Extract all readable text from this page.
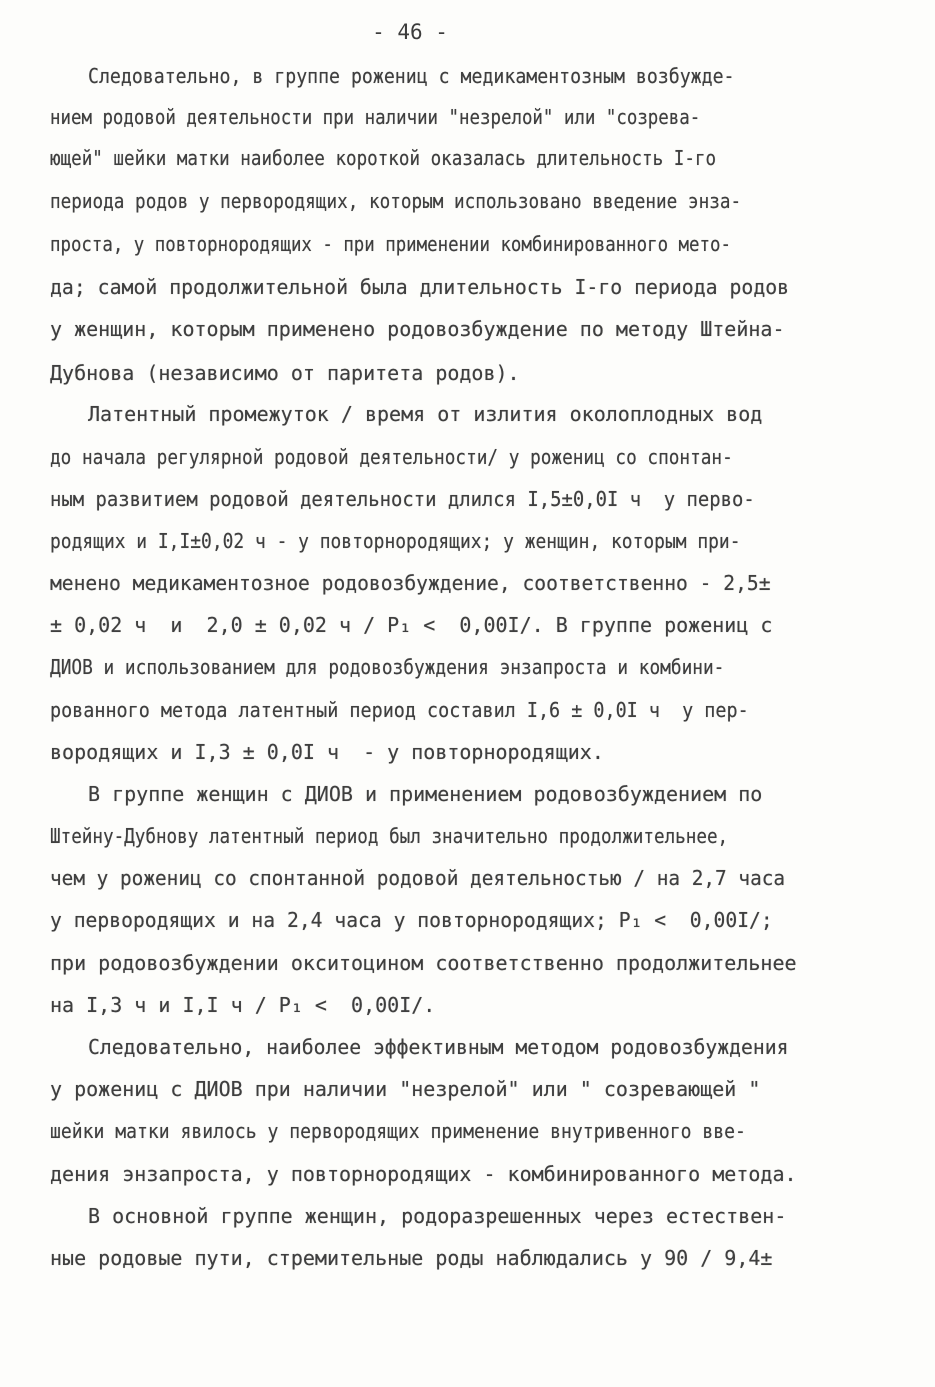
- 46 -
Следовательно, в группе рожениц с медикаментозным возбужде-
нием родовой деятельности при наличии "незрелой" или "созрева-
ющей" шейки матки наиболее короткой оказалась длительность I-го
периода родов у первородящих, которым использовано введение энза-
проста, у повторнородящих - при применении комбинированного мето-
да; самой продолжительной была длительность I-го периода родов
у женщин, которым применено родовозбуждение по методу Штейна-
Дубнова (независимо от паритета родов).
Латентный промежуток / время от излития околоплодных вод
до начала регулярной родовой деятельности/ у рожениц со спонтан-
ным развитием родовой деятельности длился I,5±0,0I ч  у перво-
родящих и I,I±0,02 ч - у повторнородящих; у женщин, которым при-
менено медикаментозное родовозбуждение, соответственно - 2,5±
± 0,02 ч  и  2,0 ± 0,02 ч / P₁ <  0,00I/. В группе рожениц с
ДИОВ и использованием для родовозбуждения энзапроста и комбини-
рованного метода латентный период составил I,6 ± 0,0I ч  у пер-
вородящих и I,3 ± 0,0I ч  - у повторнородящих.
В группе женщин с ДИОВ и применением родовозбуждением по
Штейну-Дубнову латентный период был значительно продолжительнее,
чем у рожениц со спонтанной родовой деятельностью / на 2,7 часа
у первородящих и на 2,4 часа у повторнородящих; P₁ <  0,00I/;
при родовозбуждении окситоцином соответственно продолжительнее
на I,3 ч и I,I ч / P₁ <  0,00I/.
Следовательно, наиболее эффективным методом родовозбуждения
у рожениц с ДИОВ при наличии "незрелой" или " созревающей "
шейки матки явилось у первородящих применение внутривенного вве-
дения энзапроста, у повторнородящих - комбинированного метода.
В основной группе женщин, родоразрешенных через естествен-
ные родовые пути, стремительные роды наблюдались у 90 / 9,4±
